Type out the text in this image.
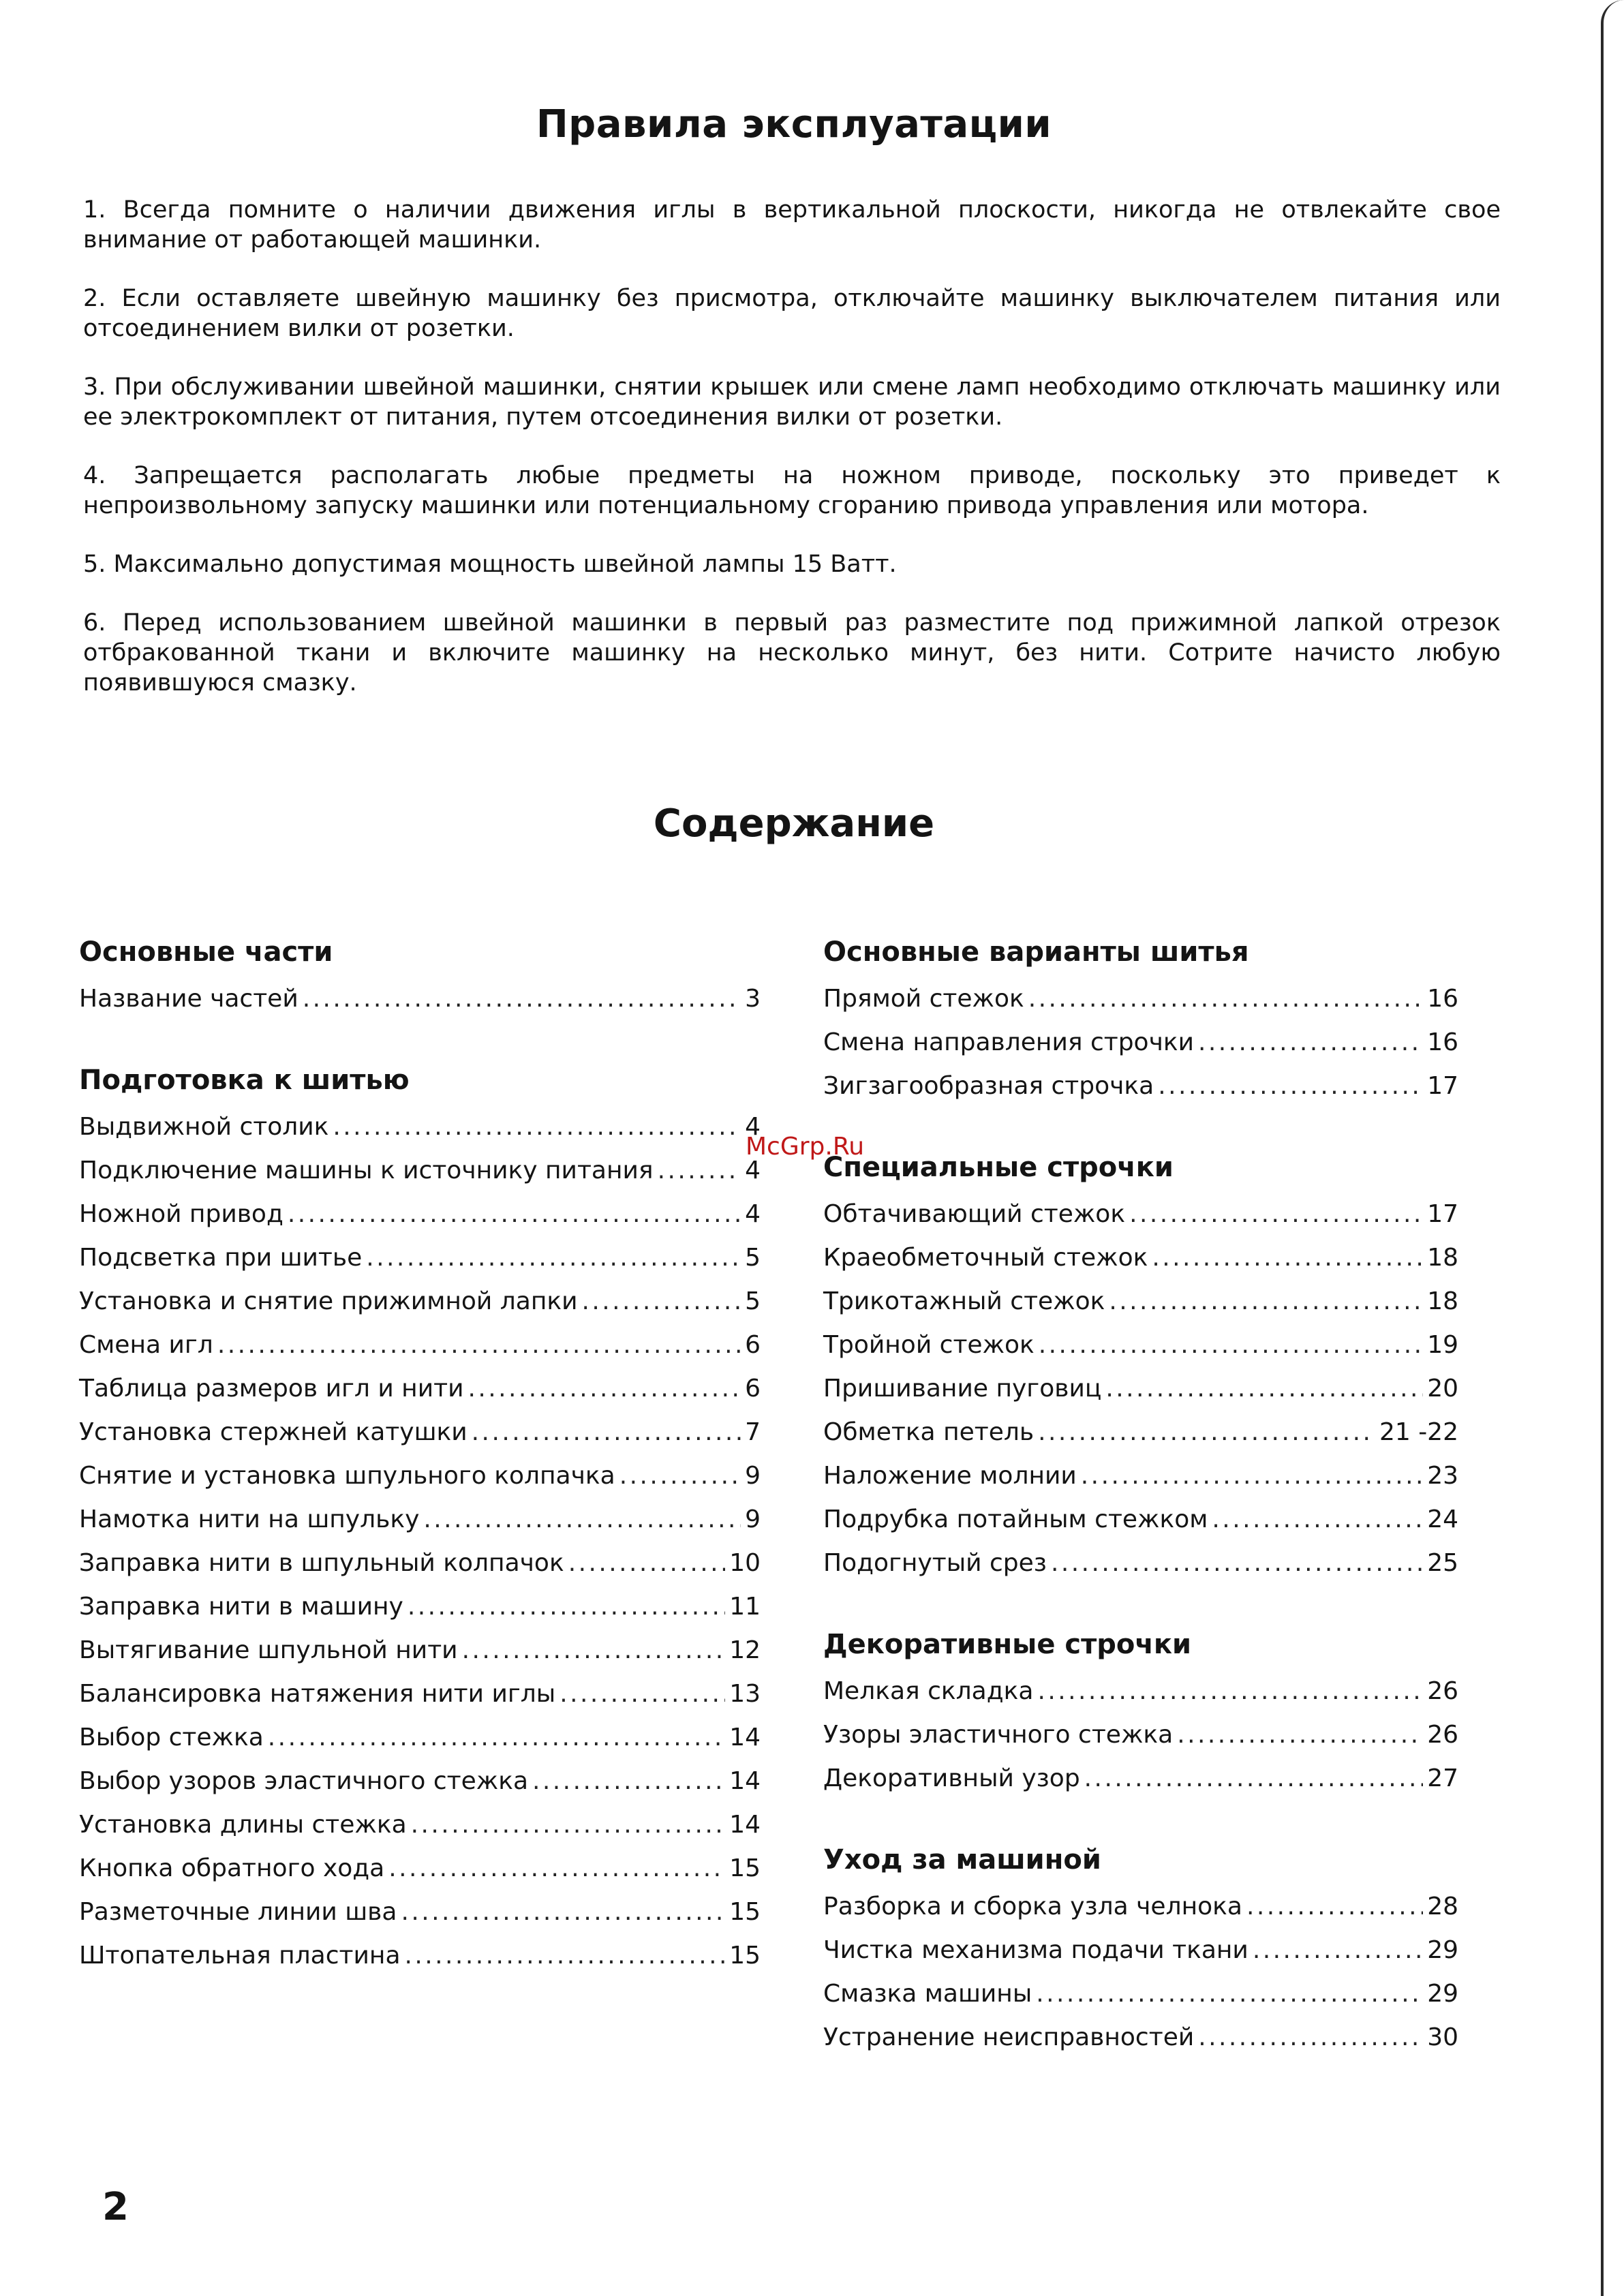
Правила эксплуатации

1. Всегда помните о наличии движения иглы в вертикальной плоскости, никогда не отвлекайте свое внимание от работающей машинки.

2. Если оставляете швейную машинку без присмотра, отключайте машинку выключателем питания или отсоединением вилки от розетки.

3. При обслуживании швейной машинки, снятии крышек или смене ламп необходимо отключать машинку или ее электрокомплект от питания, путем отсоединения вилки от розетки.

4. Запрещается располагать любые предметы на ножном приводе, поскольку это приведет к непроизвольному запуску машинки или потенциальному сгоранию привода управления или мотора.

5. Максимально допустимая мощность швейной лампы 15 Ватт.

6. Перед использованием швейной машинки в первый раз разместите под прижимной лапкой отрезок отбракованной ткани и включите машинку на несколько минут, без нити. Сотрите начисто любую появившуюся смазку.

Содержание
Основные части
Название частей . . .	3
Подготовка к шитью
Выдвижной столик . . .	4
Подключение машины к источнику питания . . .	4
Ножной привод . . .	4
Подсветка при шитье . . .	5
Установка и снятие прижимной лапки . . .	5
Смена игл . . .	6
Таблица размеров игл и нити . . .	6
Установка стержней катушки . . .	7
Снятие и установка шпульного колпачка . . .	9
Намотка нити на шпульку . . .	9
Заправка нити в шпульный колпачок . . .	10
Заправка нити в машину . . .	11
Вытягивание шпульной нити . . .	12
Балансировка натяжения нити иглы . . .	13
Выбор стежка . . .	14
Выбор узоров эластичного стежка . . .	14
Установка длины стежка . . .	14
Кнопка обратного хода . . .	15
Разметочные линии шва . . .	15
Штопательная пластина . . .	15
Основные варианты шитья
Прямой стежок . . .	16
Смена направления строчки . . .	16
Зигзагообразная строчка . . .	17
Специальные строчки
Обтачивающий стежок . . .	17
Краеобметочный стежок . . .	18
Трикотажный стежок . . .	18
Тройной стежок . . .	19
Пришивание пуговиц . . .	20
Обметка петель . . .	21 -22
Наложение молнии . . .	23
Подрубка потайным стежком . . .	24
Подогнутый срез . . .	25
Декоративные строчки
Мелкая складка . . .	26
Узоры эластичного стежка . . .	26
Декоративный узор . . .	27
Уход за машиной
Разборка и сборка узла челнока . . .	28
Чистка механизма подачи ткани . . .	29
Смазка машины . . .	29
Устранение неисправностей . . .	30
McGrp.Ru
2
